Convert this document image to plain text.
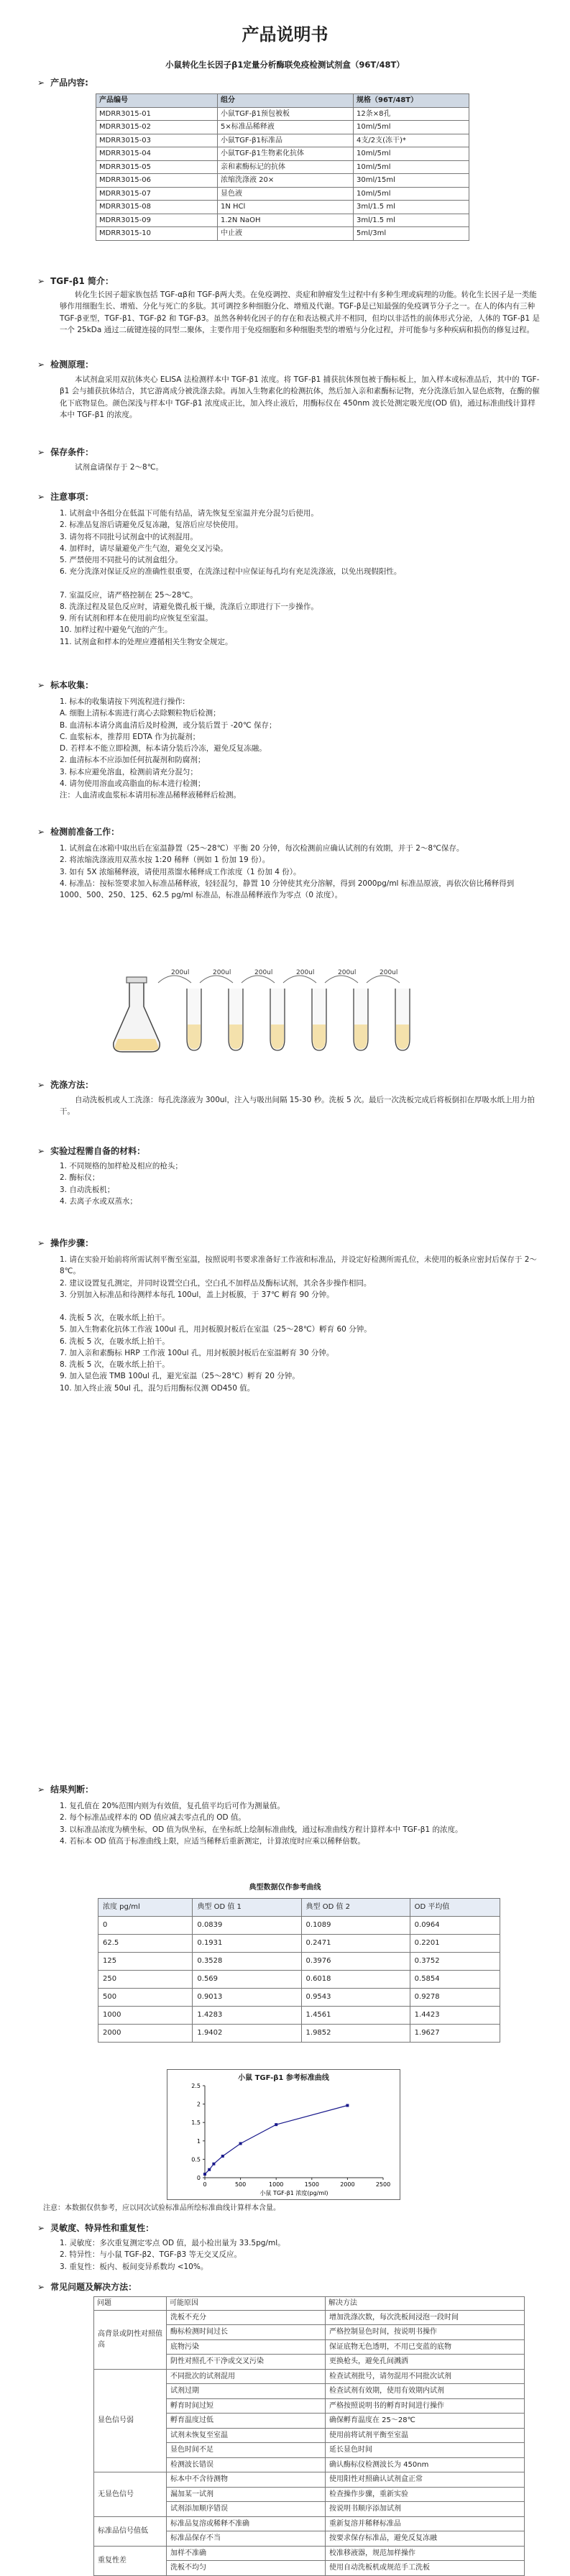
产品说明书
小鼠转化生长因子β1定量分析酶联免疫检测试剂盒（96T/48T）
➢ 产品内容:
产品编号	组分	规格（96T/48T）
MDRR3015-01	小鼠TGF-β1预包被板	12条×8孔
MDRR3015-02	5×标准品稀释液	10ml/5ml
MDRR3015-03	小鼠TGF-β1标准品	4支/2支(冻干)*
MDRR3015-04	小鼠TGF-β1生物素化抗体	10ml/5ml
MDRR3015-05	亲和素酶标记的抗体	10ml/5ml
MDRR3015-06	浓缩洗涤液 20×	30ml/15ml
MDRR3015-07	显色液	10ml/5ml
MDRR3015-08	1N HCl	3ml/1.5 ml
MDRR3015-09	1.2N NaOH	3ml/1.5 ml
MDRR3015-10	中止液	5ml/3ml
➢ TGF-β1 简介：
转化生长因子超家族包括 TGF-αβ和 TGF-β两大类。在免疫调控、炎症和肿瘤发生过程中有多种生理或病理的功能。转化生长因子是一类能够作用细胞生长、增殖、分化与死亡的多肽。其可调控多种细胞分化、增殖及代谢。TGF-β是已知最强的免疫调节分子之一。在人的体内有三种 TGF-β亚型，TGF-β1、TGF-β2 和 TGF-β3。虽然各种转化因子的存在和表达模式并不相同，但均以非活性的前体形式分泌，人体的 TGF-β1 是一个 25kDa 通过二硫键连接的同型二聚体，主要作用于免疫细胞和多种细胞类型的增殖与分化过程，并可能参与多种疾病和损伤的修复过程。
➢ 检测原理：
本试剂盒采用双抗体夹心 ELISA 法检测样本中 TGF-β1 浓度。将 TGF-β1 捕获抗体预包被于酶标板上，加入样本或标准品后，其中的 TGF-β1 会与捕获抗体结合，其它游离成分被洗涤去除。再加入生物素化的检测抗体，然后加入亲和素酶标记物，充分洗涤后加入显色底物，在酶的催化下底物显色。颜色深浅与样本中 TGF-β1 浓度成正比，加入终止液后，用酶标仪在 450nm 波长处测定吸光度(OD 值)，通过标准曲线计算样本中 TGF-β1 的浓度。
➢ 保存条件：
试剂盒请保存于 2～8℃。
➢ 注意事项：
1. 试剂盒中各组分在低温下可能有结晶，请先恢复至室温并充分混匀后使用。
2. 标准品复溶后请避免反复冻融，复溶后应尽快使用。
3. 请勿将不同批号试剂盒中的试剂混用。
4. 加样时，请尽量避免产生气泡，避免交叉污染。
5. 严禁使用不同批号的试剂盒组分。
6. 充分洗涤对保证反应的准确性很重要，在洗涤过程中应保证每孔均有充足洗涤液，以免出现假阳性。
7. 室温反应，请严格控制在 25～28℃。
8. 洗涤过程及显色反应时，请避免微孔板干燥，洗涤后立即进行下一步操作。
9. 所有试剂和样本在使用前均应恢复至室温。
10. 加样过程中避免气泡的产生。
11. 试剂盒和样本的处理应遵循相关生物安全规定。
➢ 标本收集：
1. 标本的收集请按下列流程进行操作:
A. 细胞上清标本需进行离心去除颗粒物后检测；
B. 血清标本请分离血清后及时检测，或分装后置于 -20℃ 保存；
C. 血浆标本，推荐用 EDTA 作为抗凝剂；
D. 若样本不能立即检测，标本请分装后冷冻，避免反复冻融。
2. 血清标本不应添加任何抗凝剂和防腐剂；
3. 标本应避免溶血，检测前请充分混匀；
4. 请勿使用溶血或高脂血的标本进行检测；
注：人血清或血浆标本请用标准品稀释液稀释后检测。
➢ 检测前准备工作：
1. 试剂盒在冰箱中取出后在室温静置（25～28℃）平衡 20 分钟，每次检测前应确认试剂的有效期，并于 2～8℃保存。
2. 将浓缩洗涤液用双蒸水按 1:20 稀释（例如 1 份加 19 份）。
3. 如有 5X 浓缩稀释液，请使用蒸馏水稀释成工作浓度（1 份加 4 份）。
4. 标准品：按标签要求加入标准品稀释液，轻轻混匀，静置 10 分钟使其充分溶解，得到 2000pg/ml 标准品原液，再依次倍比稀释得到 1000、500、250、125、62.5 pg/ml 标准品，标准品稀释液作为零点（0 浓度）。
200ul	200ul	200ul	200ul	200ul	200ul
➢ 洗涤方法：
自动洗板机或人工洗涤：每孔洗涤液为 300ul，注入与吸出间隔 15-30 秒。洗板 5 次。最后一次洗板完成后将板倒扣在厚吸水纸上用力拍干。
➢ 实验过程需自备的材料：
1. 不同规格的加样枪及相应的枪头；
2. 酶标仪；
3. 自动洗板机；
4. 去离子水或双蒸水；
➢ 操作步骤：
1. 请在实验开始前将所需试剂平衡至室温，按照说明书要求准备好工作液和标准品，并设定好检测所需孔位，未使用的板条应密封后保存于 2～8℃。
2. 建议设置复孔测定，并同时设置空白孔，空白孔不加样品及酶标试剂，其余各步操作相同。
3. 分别加入标准品和待测样本每孔 100ul，盖上封板膜，于 37℃ 孵育 90 分钟。
4. 洗板 5 次，在吸水纸上拍干。
5. 加入生物素化抗体工作液 100ul 孔，用封板膜封板后在室温（25～28℃）孵育 60 分钟。
6. 洗板 5 次，在吸水纸上拍干。
7. 加入亲和素酶标 HRP 工作液 100ul 孔，用封板膜封板后在室温孵育 30 分钟。
8. 洗板 5 次，在吸水纸上拍干。
9. 加入显色液 TMB 100ul 孔，避光室温（25～28℃）孵育 20 分钟。
10. 加入终止液 50ul 孔，混匀后用酶标仪测 OD450 值。
➢ 结果判断：
1. 复孔值在 20%范围内则为有效值，复孔值平均后可作为测量值。
2. 每个标准品或样本的 OD 值应减去零点孔的 OD 值。
3. 以标准品浓度为横坐标，OD 值为纵坐标，在坐标纸上绘制标准曲线，通过标准曲线方程计算样本中 TGF-β1 的浓度。
4. 若标本 OD 值高于标准曲线上限，应适当稀释后重新测定，计算浓度时应乘以稀释倍数。
典型数据仅作参考曲线
浓度 pg/ml	典型 OD 值 1	典型 OD 值 2	OD 平均值
0	0.0839	0.1089	0.0964
62.5	0.1931	0.2471	0.2201
125	0.3528	0.3976	0.3752
250	0.569	0.6018	0.5854
500	0.9013	0.9543	0.9278
1000	1.4283	1.4561	1.4423
2000	1.9402	1.9852	1.9627
小鼠 TGF-β1 参考标准曲线
0
0.5
1
1.5
2
2.5
0	500	1000	1500	2000	2500
小鼠 TGF-β1 浓度(pg/ml)
注意：本数据仅供参考，应以同次试验标准品所绘标准曲线计算样本含量。
➢ 灵敏度、特异性和重复性：
1. 灵敏度：多次重复测定零点 OD 值，最小检出量为 33.5pg/ml。
2. 特异性：与小鼠 TGF-β2、TGF-β3 等无交叉反应。
3. 重复性：板内、板间变异系数均 <10%。
➢ 常见问题及解决方法：
问题	可能原因	解决方法
高背景或阴性对照值高	洗板不充分	增加洗涤次数，每次洗板间浸泡一段时间
	酶标检测时间过长	严格控制显色时间，按说明书操作
	底物污染	保证底物无色透明，不用已变蓝的底物
	阴性对照孔不干净或交叉污染	更换枪头，避免孔间溅洒
显色信号弱	不同批次的试剂混用	检查试剂批号，请勿混用不同批次试剂
	试剂过期	检查试剂有效期，使用有效期内试剂
	孵育时间过短	严格按照说明书的孵育时间进行操作
	孵育温度过低	确保孵育温度在 25～28℃
	试剂未恢复至室温	使用前将试剂平衡至室温
	显色时间不足	延长显色时间
	检测波长错误	确认酶标仪检测波长为 450nm
无显色信号	标本中不含待测物	使用阳性对照确认试剂盒正常
	漏加某一试剂	检查操作步骤，重新实验
	试剂添加顺序错误	按说明书顺序添加试剂
标准品信号值低	标准品复溶或稀释不准确	重新复溶并稀释标准品
	标准品保存不当	按要求保存标准品，避免反复冻融
重复性差	加样不准确	校准移液器，规范加样操作
	洗板不均匀	使用自动洗板机或规范手工洗板
